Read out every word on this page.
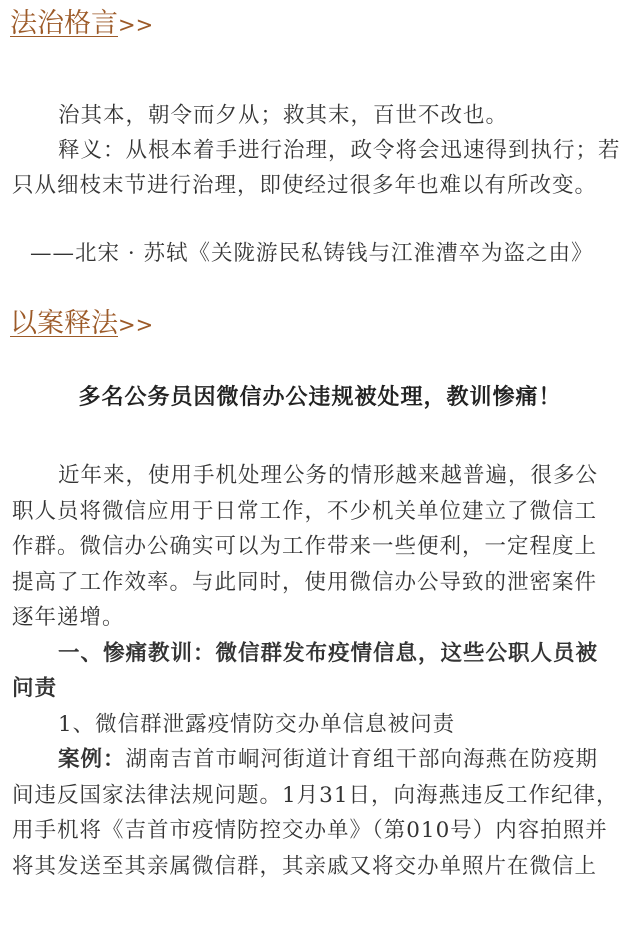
法治格言>>
治其本，朝令而夕从；救其末，百世不改也。
释义：从根本着手进行治理，政令将会迅速得到执行；若
只从细枝末节进行治理，即使经过很多年也难以有所改变。

——北宋 · 苏轼《关陇游民私铸钱与江淮漕卒为盗之由》

以案释法>>
多名公务员因微信办公违规被处理，教训惨痛！
近年来，使用手机处理公务的情形越来越普遍，很多公
职人员将微信应用于日常工作，不少机关单位建立了微信工
作群。微信办公确实可以为工作带来一些便利，一定程度上
提高了工作效率。与此同时，使用微信办公导致的泄密案件
逐年递增。
一、惨痛教训：微信群发布疫情信息，这些公职人员被
问责
1、微信群泄露疫情防交办单信息被问责
案例：湖南吉首市峒河街道计育组干部向海燕在防疫期
间违反国家法律法规问题。1月31日，向海燕违反工作纪律，
用手机将《吉首市疫情防控交办单》（第010号）内容拍照并
将其发送至其亲属微信群，其亲戚又将交办单照片在微信上
